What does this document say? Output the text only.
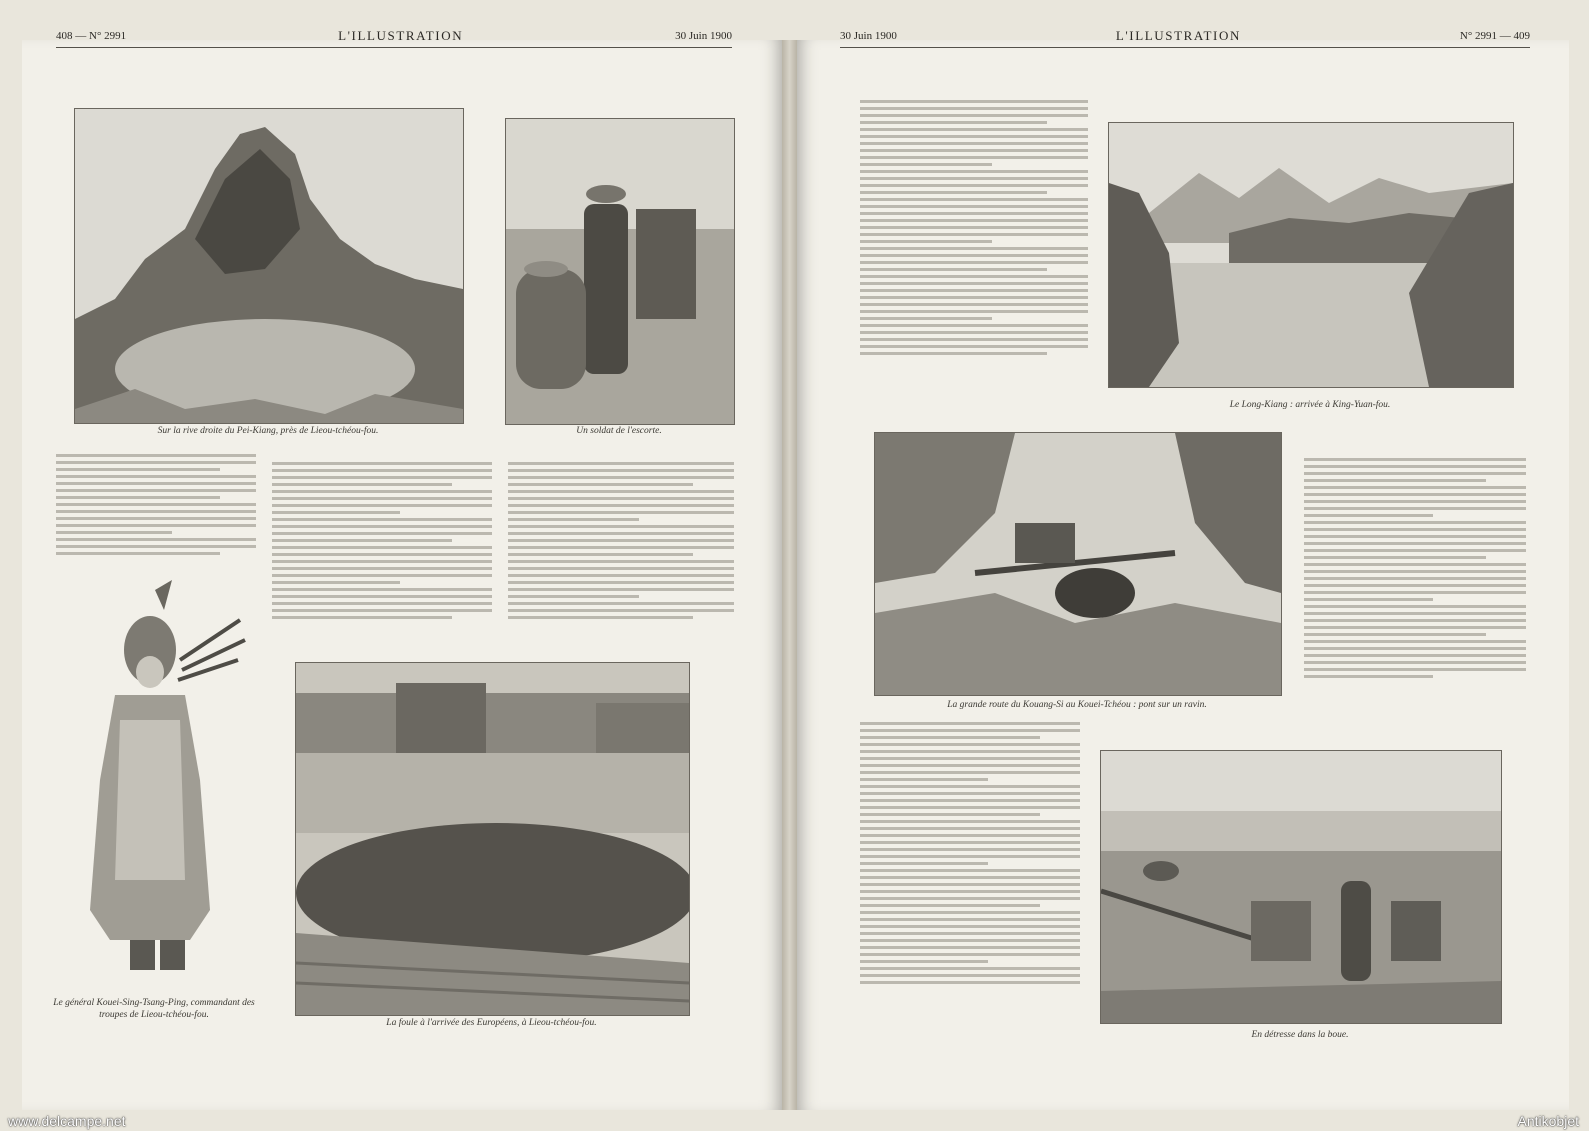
408 — N° 2991	L'ILLUSTRATION	30 Juin 1900
Sur la rive droite du Pei-Kiang, près de Lieou-tchéou-fou.	Un soldat de l'escorte.
Le général Kouei-Sing-Tsang-Ping, commandant des troupes de Lieou-tchéou-fou.
La foule à l'arrivée des Européens, à Lieou-tchéou-fou.
30 Juin 1900	L'ILLUSTRATION	N° 2991 — 409
Le Long-Kiang : arrivée à King-Yuan-fou.
La grande route du Kouang-Si au Kouei-Tchéou : pont sur un ravin.
En détresse dans la boue.
www.delcampe.net	Antikobjet
